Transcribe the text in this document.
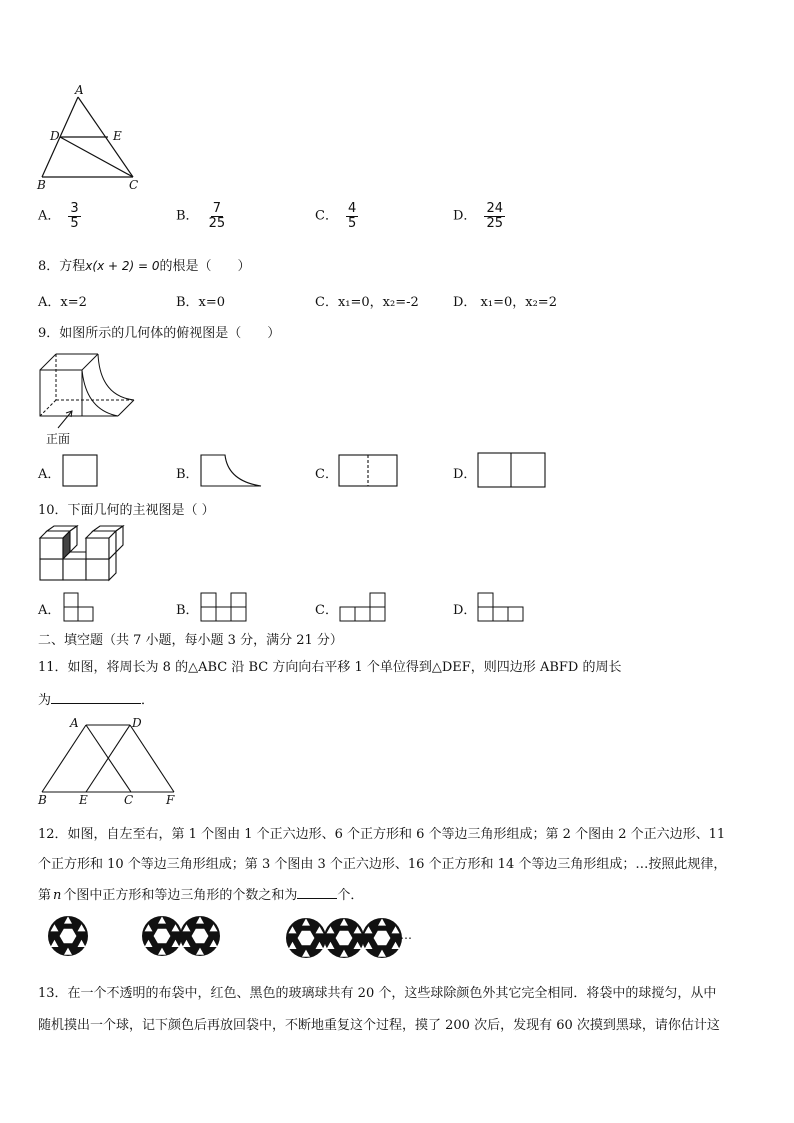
A
D	E
B	C
A． $\frac{3}{5}$	B． $\frac{7}{25}$	C． $\frac{4}{5}$	D． $\frac{24}{25}$
8．方程x(x + 2) = 0的根是（　　）
A．x=2	B．x=0	C．x₁=0，x₂=-2	D． x₁=0，x₂=2
9．如图所示的几何体的俯视图是（　　）
正面
A．	B．	C．	D．
10．下面几何的主视图是（ ）
A．	B．	C．	D．
二、填空题（共 7 小题，每小题 3 分，满分 21 分）
11．如图，将周长为 8 的△ABC 沿 BC 方向向右平移 1 个单位得到△DEF，则四边形 ABFD 的周长
为	．
A	D
B	E	C	F
12．如图，自左至右，第 1 个图由 1 个正六边形、6 个正方形和 6 个等边三角形组成；第 2 个图由 2 个正六边形、11
个正方形和 10 个等边三角形组成；第 3 个图由 3 个正六边形、16 个正方形和 14 个等边三角形组成；…按照此规律，
第 n 个图中正方形和等边三角形的个数之和为	个．
…
13．在一个不透明的布袋中，红色、黑色的玻璃球共有 20 个，这些球除颜色外其它完全相同．将袋中的球搅匀，从中
随机摸出一个球，记下颜色后再放回袋中，不断地重复这个过程，摸了 200 次后，发现有 60 次摸到黑球，请你估计这
